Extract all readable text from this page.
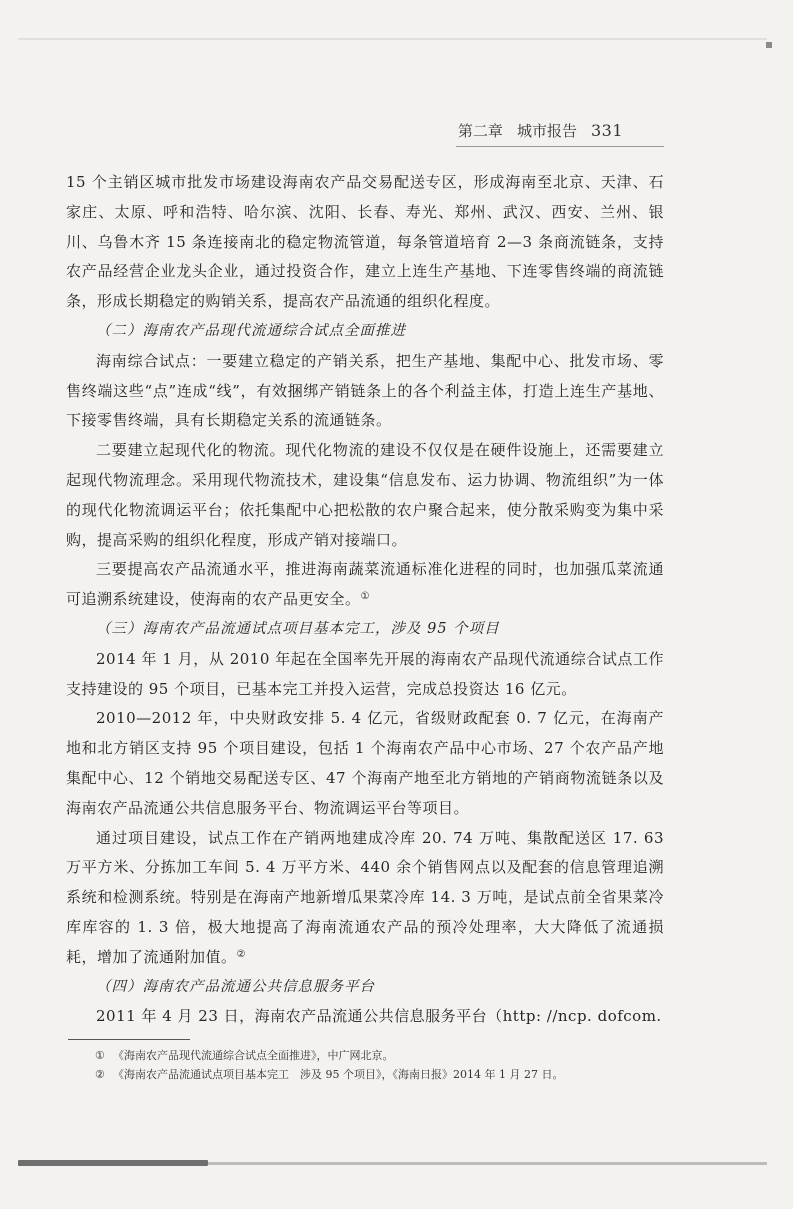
第二章 城市报告 331

15 个主销区城市批发市场建设海南农产品交易配送专区，形成海南至北京、天津、石家庄、太原、呼和浩特、哈尔滨、沈阳、长春、寿光、郑州、武汉、西安、兰州、银川、乌鲁木齐 15 条连接南北的稳定物流管道，每条管道培育 2—3 条商流链条，支持农产品经营企业龙头企业，通过投资合作，建立上连生产基地、下连零售终端的商流链条，形成长期稳定的购销关系，提高农产品流通的组织化程度。

（二）海南农产品现代流通综合试点全面推进

海南综合试点：一要建立稳定的产销关系，把生产基地、集配中心、批发市场、零售终端这些“点”连成“线”，有效捆绑产销链条上的各个利益主体，打造上连生产基地、下接零售终端，具有长期稳定关系的流通链条。

二要建立起现代化的物流。现代化物流的建设不仅仅是在硬件设施上，还需要建立起现代物流理念。采用现代物流技术，建设集“信息发布、运力协调、物流组织”为一体的现代化物流调运平台；依托集配中心把松散的农户聚合起来，使分散采购变为集中采购，提高采购的组织化程度，形成产销对接端口。

三要提高农产品流通水平，推进海南蔬菜流通标准化进程的同时，也加强瓜菜流通可追溯系统建设，使海南的农产品更安全。①

（三）海南农产品流通试点项目基本完工，涉及 95 个项目

2014 年 1 月，从 2010 年起在全国率先开展的海南农产品现代流通综合试点工作支持建设的 95 个项目，已基本完工并投入运营，完成总投资达 16 亿元。

2010—2012 年，中央财政安排 5. 4 亿元，省级财政配套 0. 7 亿元，在海南产地和北方销区支持 95 个项目建设，包括 1 个海南农产品中心市场、27 个农产品产地集配中心、12 个销地交易配送专区、47 个海南产地至北方销地的产销商物流链条以及海南农产品流通公共信息服务平台、物流调运平台等项目。

通过项目建设，试点工作在产销两地建成冷库 20. 74 万吨、集散配送区 17. 63 万平方米、分拣加工车间 5. 4 万平方米、440 余个销售网点以及配套的信息管理追溯系统和检测系统。特别是在海南产地新增瓜果菜冷库 14. 3 万吨，是试点前全省果菜冷库库容的 1. 3 倍，极大地提高了海南流通农产品的预冷处理率，大大降低了流通损耗，增加了流通附加值。②

（四）海南农产品流通公共信息服务平台

2011 年 4 月 23 日，海南农产品流通公共信息服务平台（http: //ncp. dofcom.

① 《海南农产品现代流通综合试点全面推进》，中广网北京。
② 《海南农产品流通试点项目基本完工　涉及 95 个项目》，《海南日报》2014 年 1 月 27 日。
